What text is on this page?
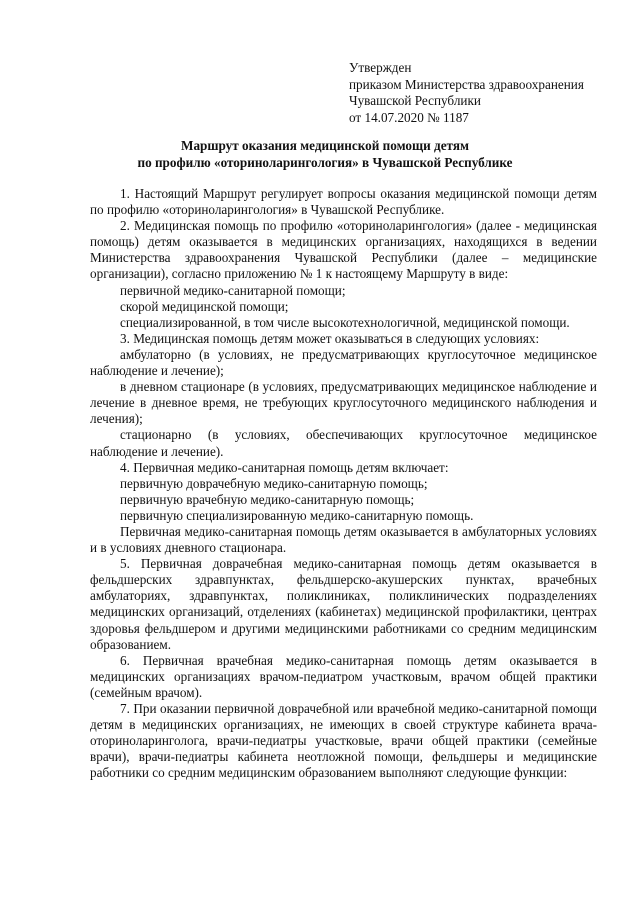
Утвержден
приказом Министерства здравоохранения
Чувашской Республики
от 14.07.2020 № 1187
Маршрут оказания медицинской помощи детям
по профилю «оториноларингология» в Чувашской Республике

1. Настоящий Маршрут регулирует вопросы оказания медицинской помощи детям по профилю «оториноларингология» в Чувашской Республике.

2. Медицинская помощь по профилю «оториноларингология» (далее - медицинская помощь) детям оказывается в медицинских организациях, находящихся в ведении Министерства здравоохранения Чувашской Республики (далее – медицинские организации), согласно приложению № 1 к настоящему Маршруту в виде:

первичной медико-санитарной помощи;

скорой медицинской помощи;

специализированной, в том числе высокотехнологичной, медицинской помощи.

3. Медицинская помощь детям может оказываться в следующих условиях:

амбулаторно (в условиях, не предусматривающих круглосуточное медицинское наблюдение и лечение);

в дневном стационаре (в условиях, предусматривающих медицинское наблюдение и лечение в дневное время, не требующих круглосуточного медицинского наблюдения и лечения);

стационарно (в условиях, обеспечивающих круглосуточное медицинское наблюдение и лечение).

4. Первичная медико-санитарная помощь детям включает:

первичную доврачебную медико-санитарную помощь;

первичную врачебную медико-санитарную помощь;

первичную специализированную медико-санитарную помощь.

Первичная медико-санитарная помощь детям оказывается в амбулаторных условиях и в условиях дневного стационара.

5. Первичная доврачебная медико-санитарная помощь детям оказывается в фельдшерских здравпунктах, фельдшерско-акушерских пунктах, врачебных амбулаториях, здравпунктах, поликлиниках, поликлинических подразделениях медицинских организаций, отделениях (кабинетах) медицинской профилактики, центрах здоровья фельдшером и другими медицинскими работниками со средним медицинским образованием.

6. Первичная врачебная медико-санитарная помощь детям оказывается в медицинских организациях врачом-педиатром участковым, врачом общей практики (семейным врачом).

7. При оказании первичной доврачебной или врачебной медико-санитарной помощи детям в медицинских организациях, не имеющих в своей структуре кабинета врача-оториноларинголога, врачи-педиатры участковые, врачи общей практики (семейные врачи), врачи-педиатры кабинета неотложной помощи, фельдшеры и медицинские работники со средним медицинским образованием выполняют следующие функции:
